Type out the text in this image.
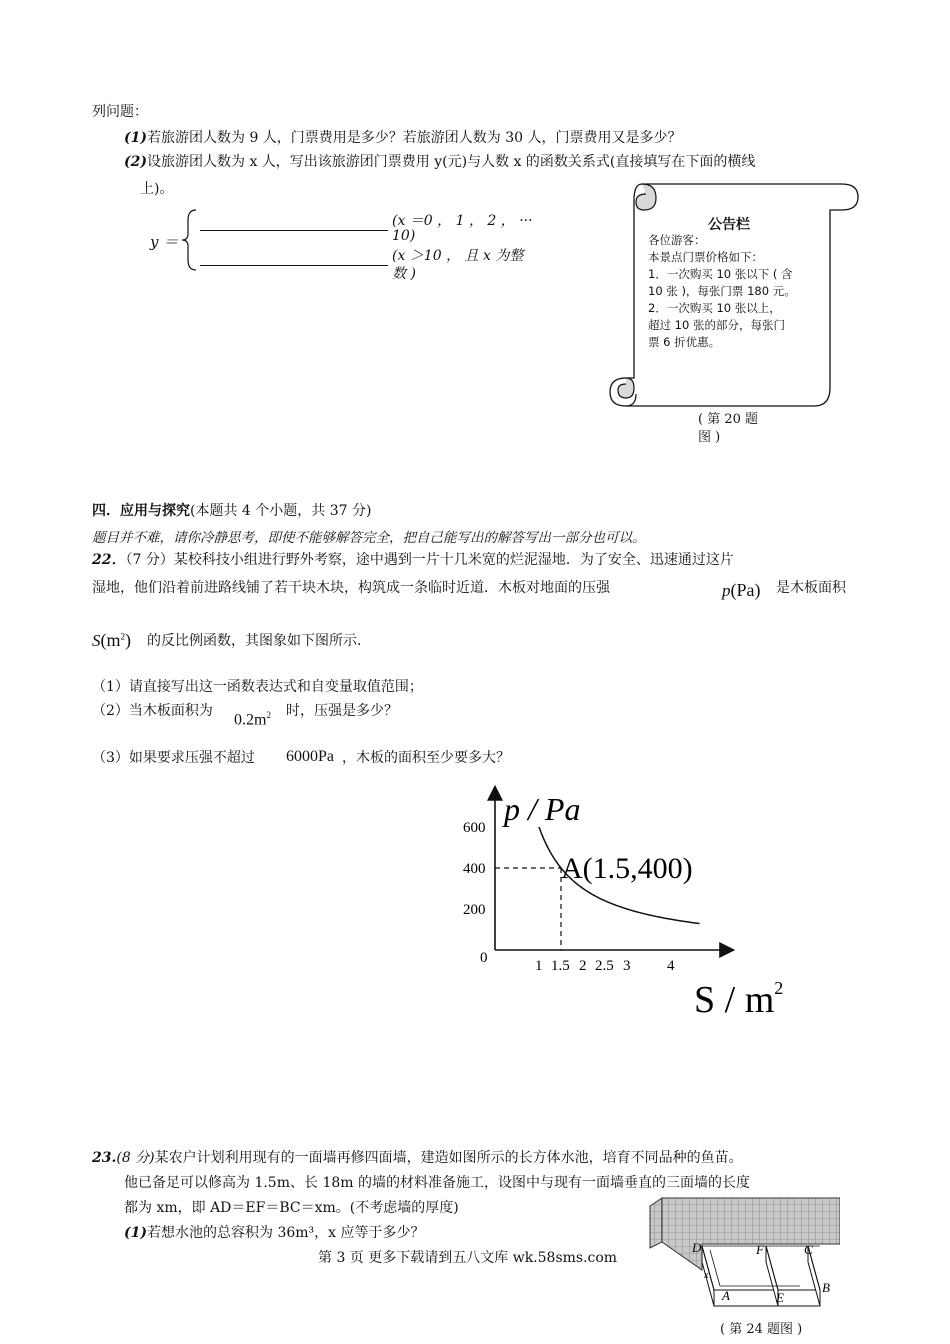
列问题：
(1)若旅游团人数为 9 人，门票费用是多少？若旅游团人数为 30 人，门票费用又是多少？
(2)设旅游团人数为 x 人，写出该旅游团门票费用 y(元)与人数 x 的函数关系式(直接填写在下面的横线
上)。
y ＝
(x ＝0 ， 1 ， 2 ， ···
10)
(x ＞10 ， 且 x 为整
数 )
公告栏
各位游客：
本景点门票价格如下：
1．一次购买 10 张以下 ( 含
10 张 )，每张门票 180 元。
2．一次购买 10 张以上，
超过 10 张的部分，每张门
票 6 折优惠。
( 第 20 题
图 )
四．应用与探究(本题共 4 个小题，共 37 分)
题目并不难，请你冷静思考，即使不能够解答完全，把自己能写出的解答写出一部分也可以。
22．（7 分）某校科技小组进行野外考察，途中遇到一片十几米宽的烂泥湿地．为了安全、迅速通过这片
湿地，他们沿着前进路线铺了若干块木块，构筑成一条临时近道．木板对地面的压强	p(Pa) 是木板面积
$S(m^2)$ 的反比例函数，其图象如下图所示．
（1）请直接写出这一函数表达式和自变量取值范围；
（2）当木板面积为
$0.2m^2$ 时，压强是多少？
（3）如果要求压强不超过 6000Pa ，木板的面积至少要多大？
p / Pa
S / $m^2$
0
600
400
200
1 1.5 2 2.5 3 4
A(1.5,400)
23.(8 分)某农户计划利用现有的一面墙再修四面墙，建造如图所示的长方体水池，培育不同品种的鱼苗。
他已备足可以修高为 1.5m、长 18m 的墙的材料准备施工，设图中与现有一面墙垂直的三面墙的长度
都为 xm，即 AD＝EF＝BC＝xm。(不考虑墙的厚度)
(1)若想水池的总容积为 36m³，x 应等于多少？
D	F	C
A	E
B
x
( 第 24 题图 )
第 3 页 更多下载请到五八文库 wk.58sms.com
